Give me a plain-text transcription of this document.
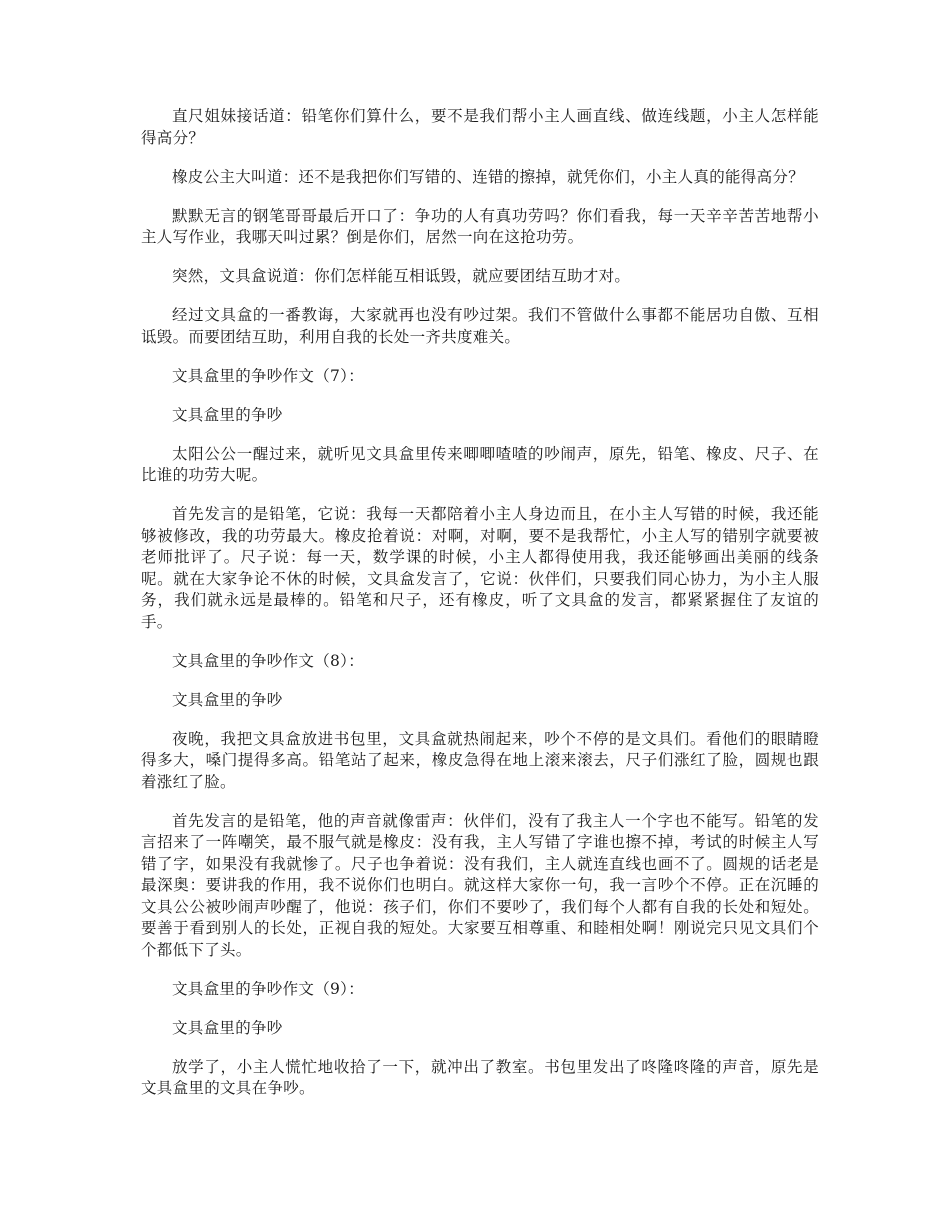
直尺姐妹接话道：铅笔你们算什么，要不是我们帮小主人画直线、做连线题，小主人怎样能得高分？

橡皮公主大叫道：还不是我把你们写错的、连错的擦掉，就凭你们，小主人真的能得高分？

默默无言的钢笔哥哥最后开口了：争功的人有真功劳吗？你们看我，每一天辛辛苦苦地帮小主人写作业，我哪天叫过累？倒是你们，居然一向在这抢功劳。

突然，文具盒说道：你们怎样能互相诋毁，就应要团结互助才对。

经过文具盒的一番教诲，大家就再也没有吵过架。我们不管做什么事都不能居功自傲、互相诋毁。而要团结互助，利用自我的长处一齐共度难关。

文具盒里的争吵作文（7）：

文具盒里的争吵

太阳公公一醒过来，就听见文具盒里传来唧唧喳喳的吵闹声，原先，铅笔、橡皮、尺子、在比谁的功劳大呢。

首先发言的是铅笔，它说：我每一天都陪着小主人身边而且，在小主人写错的时候，我还能够被修改，我的功劳最大。橡皮抢着说：对啊，对啊，要不是我帮忙，小主人写的错别字就要被老师批评了。尺子说：每一天，数学课的时候，小主人都得使用我，我还能够画出美丽的线条呢。就在大家争论不休的时候，文具盒发言了，它说：伙伴们，只要我们同心协力，为小主人服务，我们就永远是最棒的。铅笔和尺子，还有橡皮，听了文具盒的发言，都紧紧握住了友谊的手。

文具盒里的争吵作文（8）：

文具盒里的争吵

夜晚，我把文具盒放进书包里，文具盒就热闹起来，吵个不停的是文具们。看他们的眼睛瞪得多大，嗓门提得多高。铅笔站了起来，橡皮急得在地上滚来滚去，尺子们涨红了脸，圆规也跟着涨红了脸。

首先发言的是铅笔，他的声音就像雷声：伙伴们，没有了我主人一个字也不能写。铅笔的发言招来了一阵嘲笑，最不服气就是橡皮：没有我，主人写错了字谁也擦不掉，考试的时候主人写错了字，如果没有我就惨了。尺子也争着说：没有我们，主人就连直线也画不了。圆规的话老是最深奥：要讲我的作用，我不说你们也明白。就这样大家你一句，我一言吵个不停。正在沉睡的文具公公被吵闹声吵醒了，他说：孩子们，你们不要吵了，我们每个人都有自我的长处和短处。要善于看到别人的长处，正视自我的短处。大家要互相尊重、和睦相处啊！刚说完只见文具们个个都低下了头。

文具盒里的争吵作文（9）：

文具盒里的争吵

放学了，小主人慌忙地收拾了一下，就冲出了教室。书包里发出了咚隆咚隆的声音，原先是文具盒里的文具在争吵。
